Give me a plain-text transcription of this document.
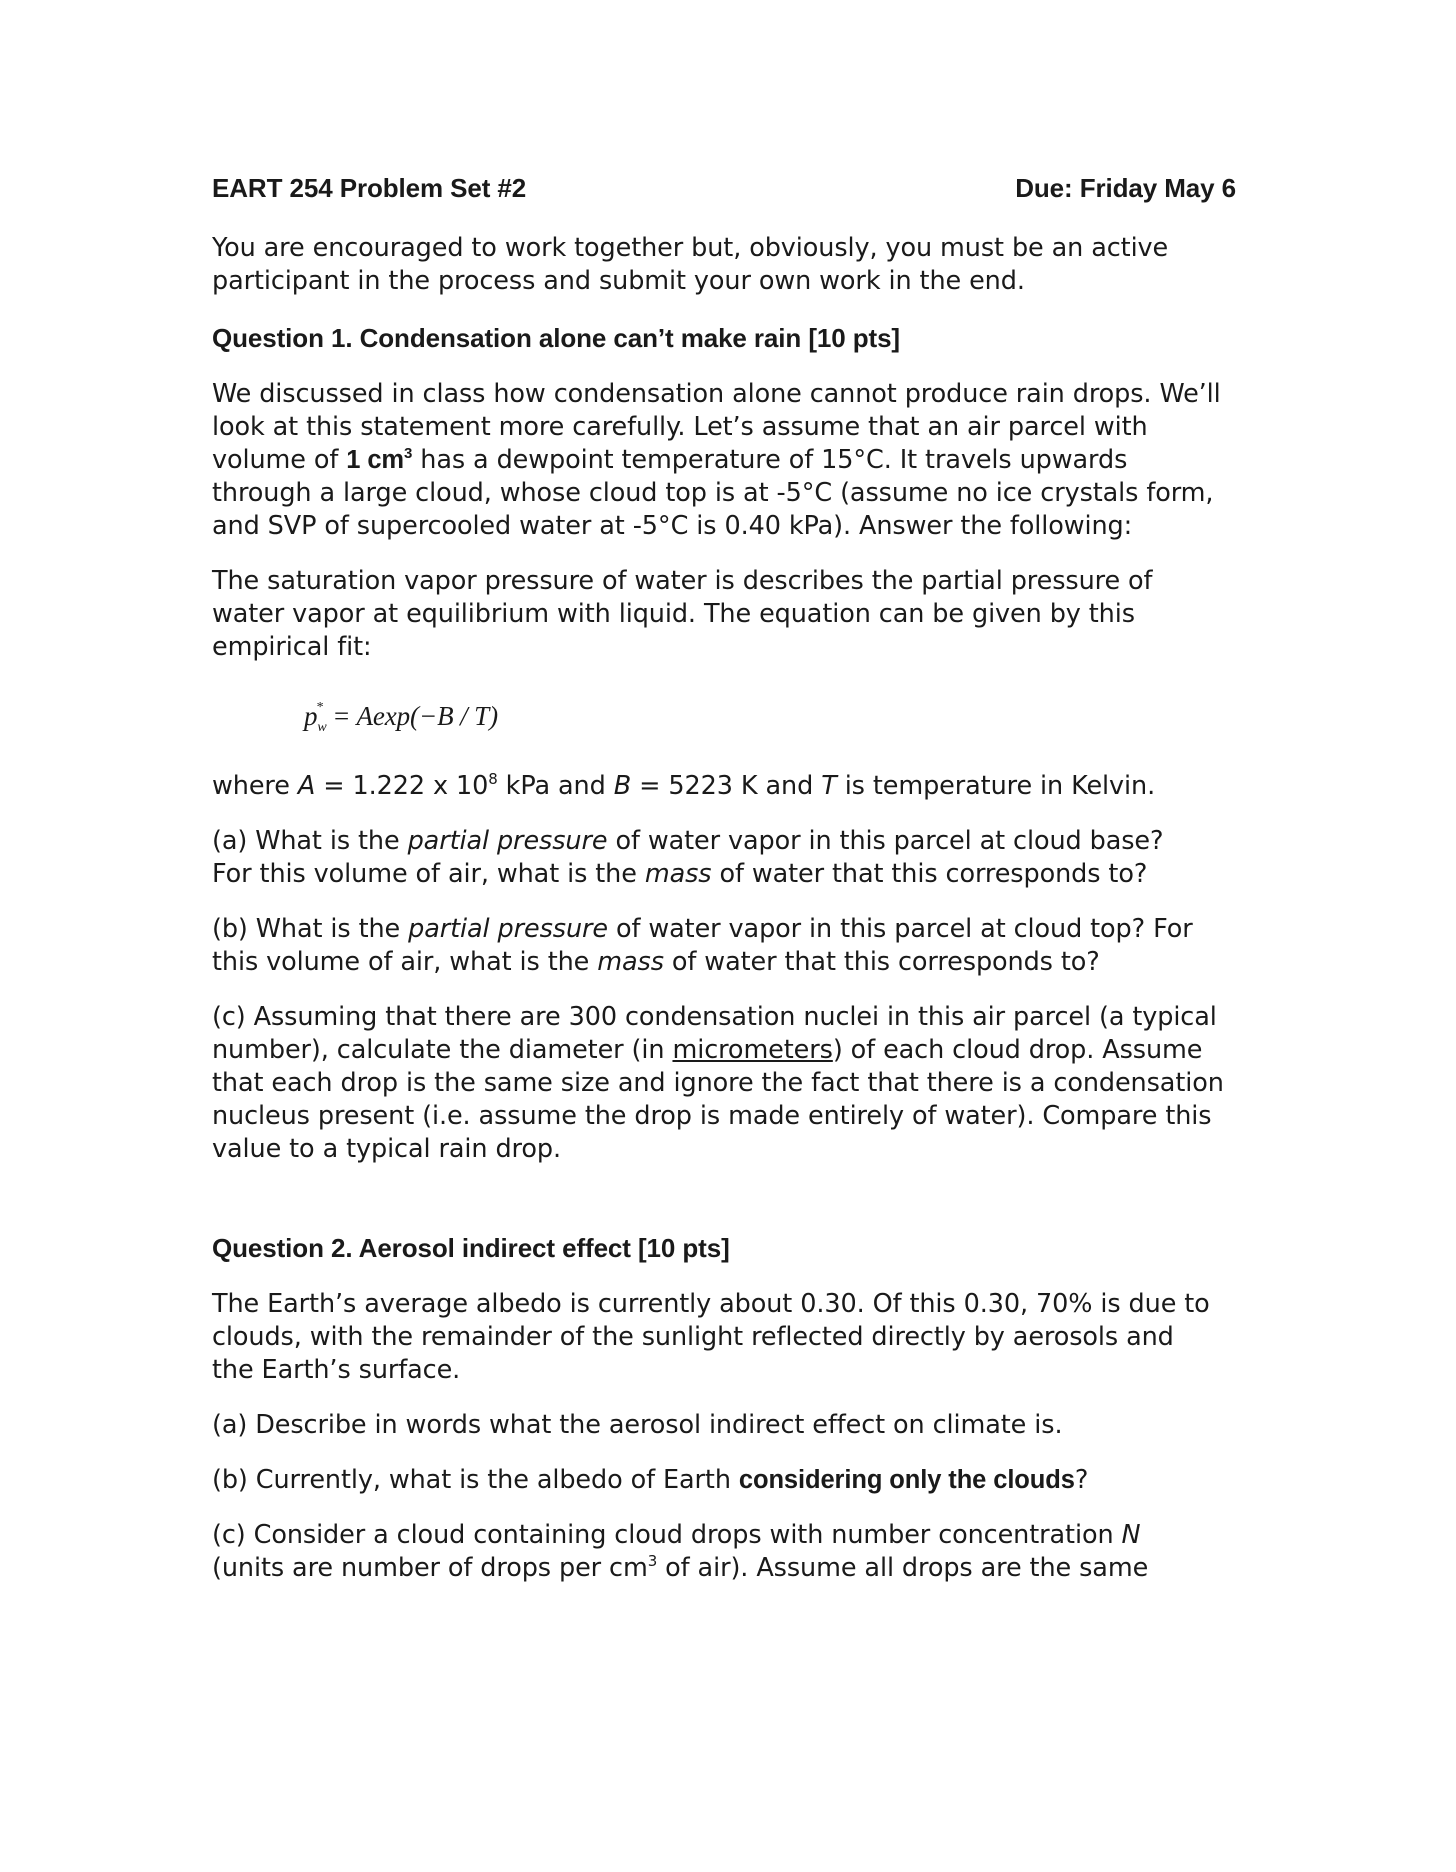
EART 254 Problem Set #2	Due: Friday May 6

You are encouraged to work together but, obviously, you must be an active
participant in the process and submit your own work in the end.

Question 1. Condensation alone can’t make rain [10 pts]

We discussed in class how condensation alone cannot produce rain drops. We’ll
look at this statement more carefully. Let’s assume that an air parcel with
volume of 1 $cm^3$ has a dewpoint temperature of 15°C. It travels upwards
through a large cloud, whose cloud top is at -5°C (assume no ice crystals form,
and SVP of supercooled water at -5°C is 0.40 kPa). Answer the following:

The saturation vapor pressure of water is describes the partial pressure of
water vapor at equilibrium with liquid. The equation can be given by this
empirical fit:

$p_w^* = Aexp(-B / T)$

where A = 1.222 x $10^8$ kPa and B = 5223 K and T is temperature in Kelvin.

(a) What is the partial pressure of water vapor in this parcel at cloud base?
For this volume of air, what is the mass of water that this corresponds to?

(b) What is the partial pressure of water vapor in this parcel at cloud top? For
this volume of air, what is the mass of water that this corresponds to?

(c) Assuming that there are 300 condensation nuclei in this air parcel (a typical
number), calculate the diameter (in micrometers) of each cloud drop. Assume
that each drop is the same size and ignore the fact that there is a condensation
nucleus present (i.e. assume the drop is made entirely of water). Compare this
value to a typical rain drop.

Question 2. Aerosol indirect effect [10 pts]

The Earth’s average albedo is currently about 0.30. Of this 0.30, 70% is due to
clouds, with the remainder of the sunlight reflected directly by aerosols and
the Earth’s surface.

(a) Describe in words what the aerosol indirect effect on climate is.

(b) Currently, what is the albedo of Earth considering only the clouds?

(c) Consider a cloud containing cloud drops with number concentration N
(units are number of drops per $cm^3$ of air). Assume all drops are the same
